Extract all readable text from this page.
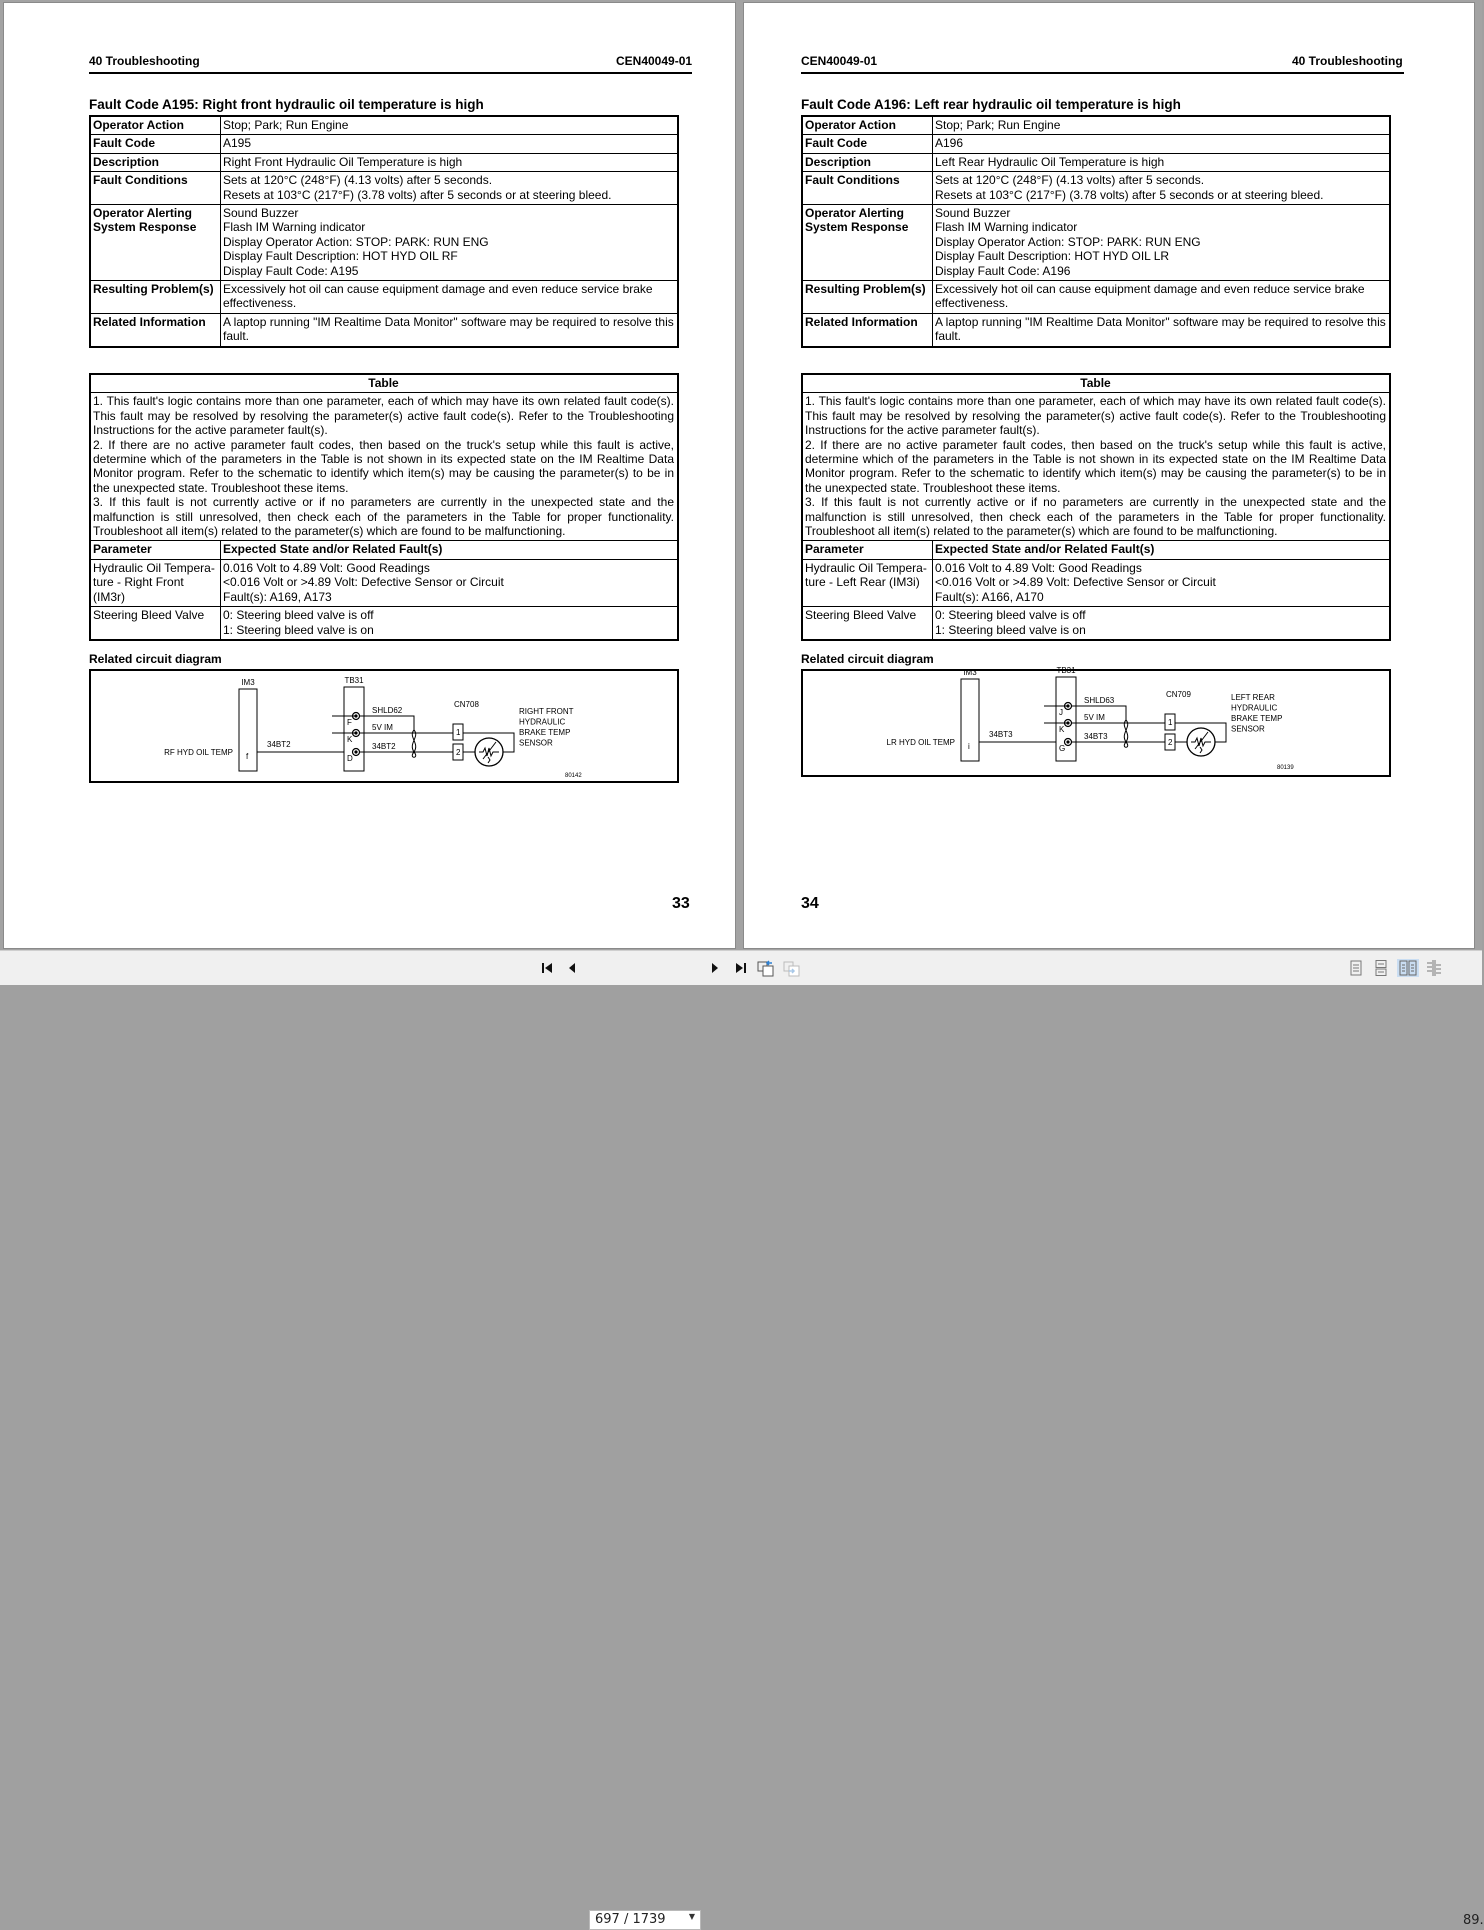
40 Troubleshooting	CEN40049-01
Fault Code A195: Right front hydraulic oil temperature is high
Operator Action	Stop; Park; Run Engine

Fault Code	A195

Description	Right Front Hydraulic Oil Temperature is high

Fault Conditions	Sets at 120°C (248°F) (4.13 volts) after 5 seconds.
Resets at 103°C (217°F) (3.78 volts) after 5 seconds or at steering bleed.

Operator Alerting System Response	Sound Buzzer
Flash IM Warning indicator
Display Operator Action: STOP: PARK: RUN ENG
Display Fault Description: HOT HYD OIL RF
Display Fault Code: A195

Resulting Problem(s)	Excessively hot oil can cause equipment damage and even reduce service brake effectiveness.

Related Information	A laptop running "IM Realtime Data Monitor" software may be required to resolve this fault.
Table	

1. This fault's logic contains more than one parameter, each of which may have its own related fault code(s). This fault may be resolved by resolving the parameter(s) active fault code(s). Refer to the Troubleshooting Instructions for the active parameter fault(s).
2. If there are no active parameter fault codes, then based on the truck's setup while this fault is active, determine which of the parameters in the Table is not shown in its expected state on the IM Realtime Data Monitor program. Refer to the schematic to identify which item(s) may be causing the parameter(s) to be in the unexpected state. Troubleshoot these items.
3. If this fault is not currently active or if no parameters are currently in the unexpected state and the malfunction is still unresolved, then check each of the parameters in the Table for proper functionality. Troubleshoot all item(s) related to the parameter(s) which are found to be malfunctioning.	

Parameter	Expected State and/or Related Fault(s)
Hydraulic Oil Tempera-ture - Right Front (IM3r)	0.016 Volt to 4.89 Volt: Good Readings
<0.016 Volt or >4.89 Volt: Defective Sensor or Circuit
Fault(s): A169, A173

Steering Bleed Valve	0: Steering bleed valve is off
1: Steering bleed valve is on
Related circuit diagram
RF HYD OIL TEMP
IM3
f
34BT2
TB31
F
SHLD62
K
5V IM
D
34BT2
CN708
1
2
RIGHT FRONT
HYDRAULIC
BRAKE TEMP
SENSOR
80142
33
CEN40049-01	40 Troubleshooting
Fault Code A196: Left rear hydraulic oil temperature is high
Operator Action	Stop; Park; Run Engine

Fault Code	A196

Description	Left Rear Hydraulic Oil Temperature is high

Fault Conditions	Sets at 120°C (248°F) (4.13 volts) after 5 seconds.
Resets at 103°C (217°F) (3.78 volts) after 5 seconds or at steering bleed.

Operator Alerting System Response	Sound Buzzer
Flash IM Warning indicator
Display Operator Action: STOP: PARK: RUN ENG
Display Fault Description: HOT HYD OIL LR
Display Fault Code: A196

Resulting Problem(s)	Excessively hot oil can cause equipment damage and even reduce service brake effectiveness.

Related Information	A laptop running "IM Realtime Data Monitor" software may be required to resolve this fault.
Table	

1. This fault's logic contains more than one parameter, each of which may have its own related fault code(s). This fault may be resolved by resolving the parameter(s) active fault code(s). Refer to the Troubleshooting Instructions for the active parameter fault(s).
2. If there are no active parameter fault codes, then based on the truck's setup while this fault is active, determine which of the parameters in the Table is not shown in its expected state on the IM Realtime Data Monitor program. Refer to the schematic to identify which item(s) may be causing the parameter(s) to be in the unexpected state. Troubleshoot these items.
3. If this fault is not currently active or if no parameters are currently in the unexpected state and the malfunction is still unresolved, then check each of the parameters in the Table for proper functionality. Troubleshoot all item(s) related to the parameter(s) which are found to be malfunctioning.	

Parameter	Expected State and/or Related Fault(s)
Hydraulic Oil Tempera-ture - Left Rear (IM3i)	0.016 Volt to 4.89 Volt: Good Readings
<0.016 Volt or >4.89 Volt: Defective Sensor or Circuit
Fault(s): A166, A170

Steering Bleed Valve	0: Steering bleed valve is off
1: Steering bleed valve is on
Related circuit diagram
LR HYD OIL TEMP
IM3
i
34BT3
TB31
J
SHLD63
K
5V IM
G
34BT3
CN709
1
2
LEFT REAR
HYDRAULIC
BRAKE TEMP
SENSOR
80139
34
697 / 1739	▼	89.
